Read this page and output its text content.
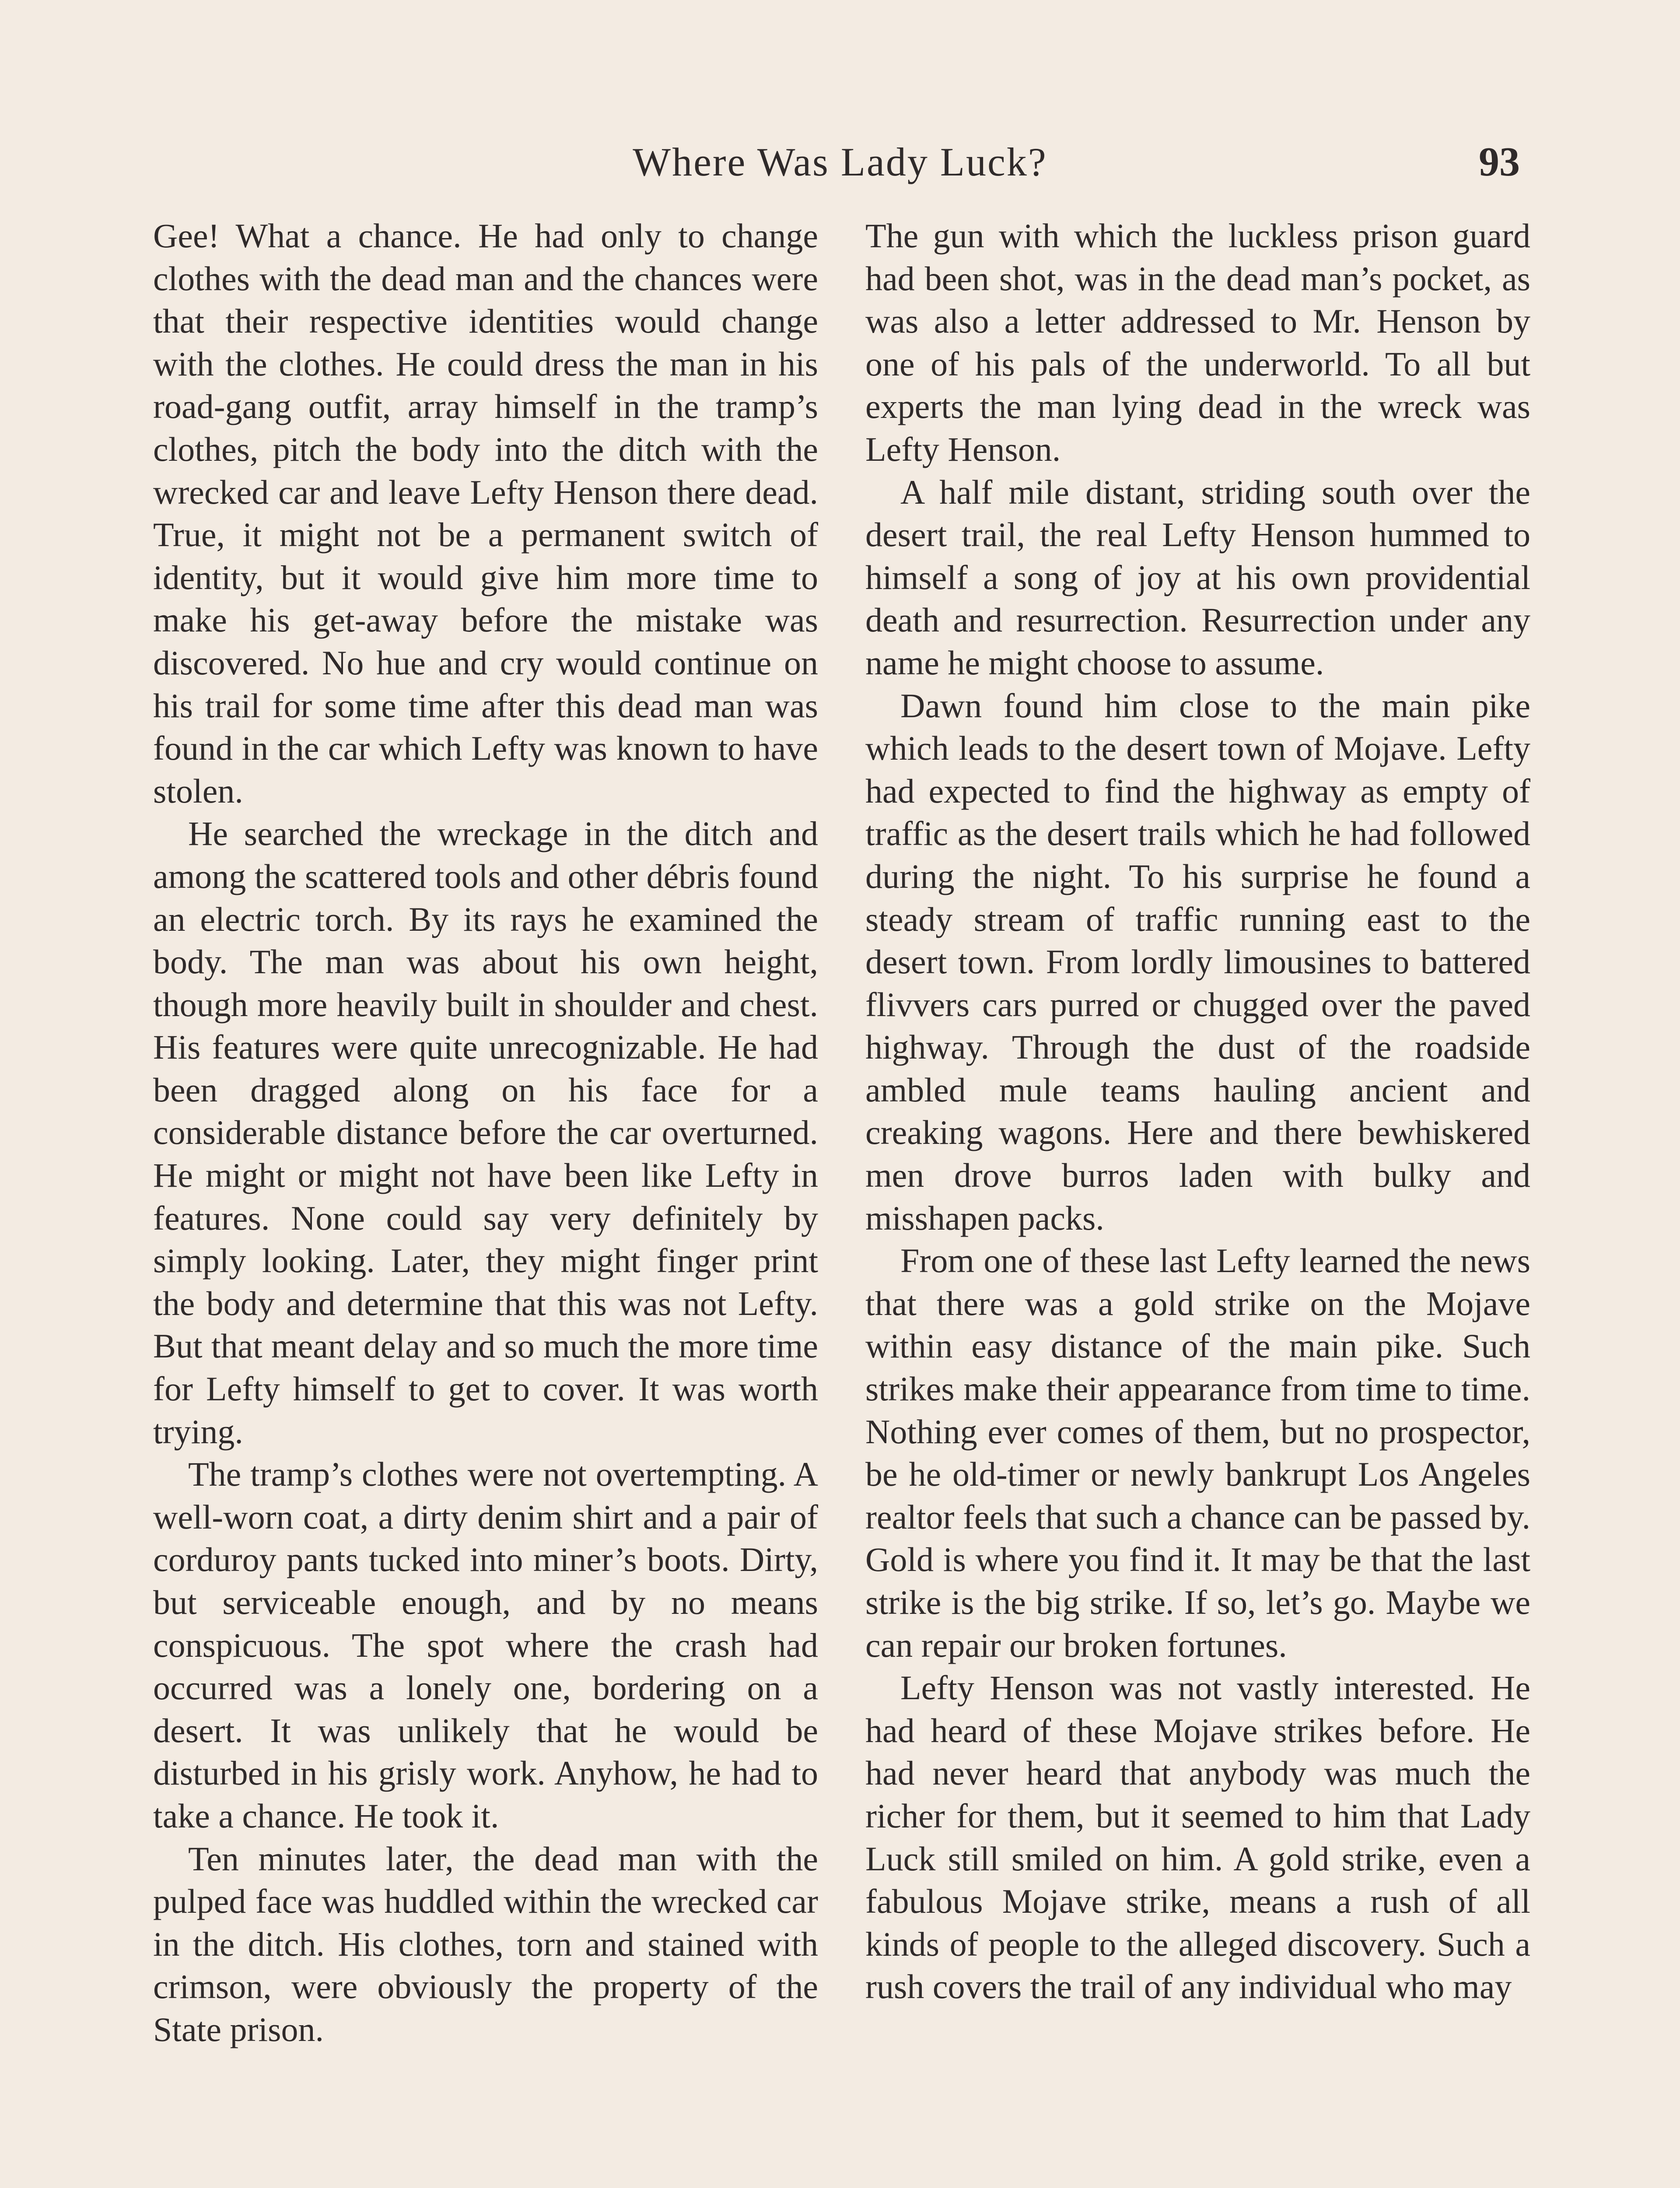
Where Was Lady Luck?	93

Gee! What a chance. He had only to change clothes with the dead man and the chances were that their respective identities would change with the clothes. He could dress the man in his road-gang outfit, array himself in the tramp’s clothes, pitch the body into the ditch with the wrecked car and leave Lefty Henson there dead. True, it might not be a permanent switch of identity, but it would give him more time to make his get-away before the mistake was discovered. No hue and cry would continue on his trail for some time after this dead man was found in the car which Lefty was known to have stolen.

He searched the wreckage in the ditch and among the scattered tools and other débris found an electric torch. By its rays he examined the body. The man was about his own height, though more heavily built in shoulder and chest. His features were quite unrecognizable. He had been dragged along on his face for a considerable distance before the car overturned. He might or might not have been like Lefty in features. None could say very definitely by simply looking. Later, they might finger print the body and determine that this was not Lefty. But that meant delay and so much the more time for Lefty himself to get to cover. It was worth trying.

The tramp’s clothes were not overtempting. A well-worn coat, a dirty denim shirt and a pair of corduroy pants tucked into miner’s boots. Dirty, but serviceable enough, and by no means conspicuous. The spot where the crash had occurred was a lonely one, bordering on a desert. It was unlikely that he would be disturbed in his grisly work. Anyhow, he had to take a chance. He took it.

Ten minutes later, the dead man with the pulped face was huddled within the wrecked car in the ditch. His clothes, torn and stained with crimson, were obviously the property of the State prison.

The gun with which the luckless prison guard had been shot, was in the dead man’s pocket, as was also a letter addressed to Mr. Henson by one of his pals of the underworld. To all but experts the man lying dead in the wreck was Lefty Henson.

A half mile distant, striding south over the desert trail, the real Lefty Henson hummed to himself a song of joy at his own providential death and resurrection. Resurrection under any name he might choose to assume.

Dawn found him close to the main pike which leads to the desert town of Mojave. Lefty had expected to find the highway as empty of traffic as the desert trails which he had followed during the night. To his surprise he found a steady stream of traffic running east to the desert town. From lordly limousines to battered flivvers cars purred or chugged over the paved highway. Through the dust of the roadside ambled mule teams hauling ancient and creaking wagons. Here and there bewhiskered men drove burros laden with bulky and misshapen packs.

From one of these last Lefty learned the news that there was a gold strike on the Mojave within easy distance of the main pike. Such strikes make their appearance from time to time. Nothing ever comes of them, but no prospector, be he old-timer or newly bankrupt Los Angeles realtor feels that such a chance can be passed by. Gold is where you find it. It may be that the last strike is the big strike. If so, let’s go. Maybe we can repair our broken fortunes.

Lefty Henson was not vastly interested. He had heard of these Mojave strikes before. He had never heard that anybody was much the richer for them, but it seemed to him that Lady Luck still smiled on him. A gold strike, even a fabulous Mojave strike, means a rush of all kinds of people to the alleged discovery. Such a rush covers the trail of any individual who may
